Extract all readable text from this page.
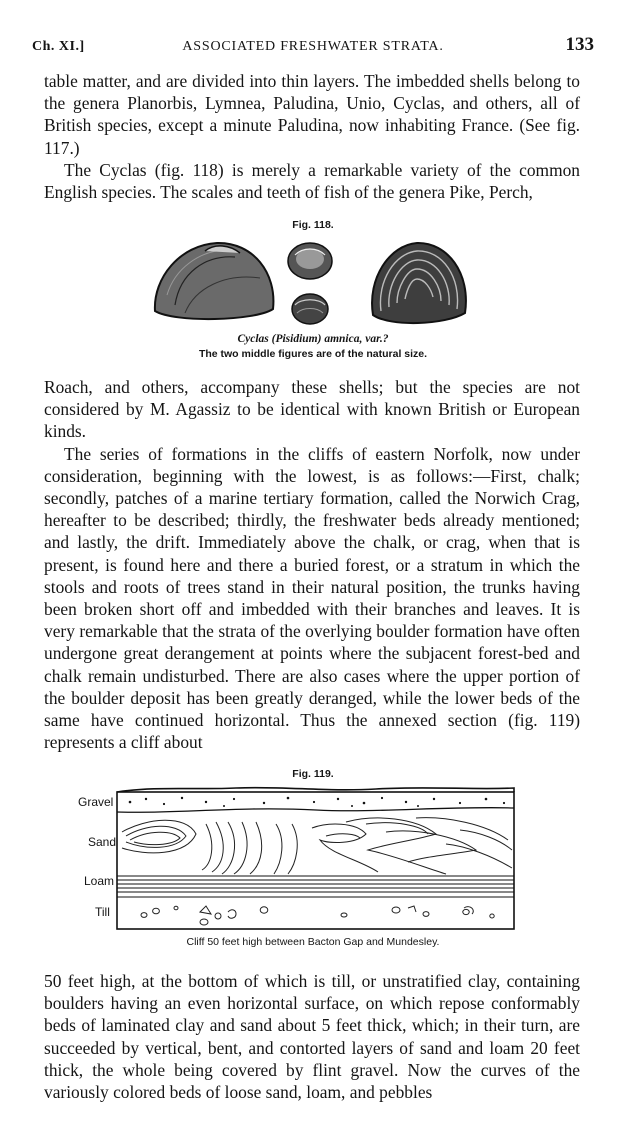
Ch. XI.]	ASSOCIATED FRESHWATER STRATA.	133

table matter, and are divided into thin layers. The imbedded shells belong to the genera Planorbis, Lymnea, Paludina, Unio, Cyclas, and others, all of British species, except a minute Paludina, now inhabiting France. (See fig. 117.)

The Cyclas (fig. 118) is merely a remarkable variety of the common English species. The scales and teeth of fish of the genera Pike, Perch,

Fig. 118.
Cyclas (Pisidium) amnica, var.?
The two middle figures are of the natural size.

Roach, and others, accompany these shells; but the species are not considered by M. Agassiz to be identical with known British or European kinds.

The series of formations in the cliffs of eastern Norfolk, now under consideration, beginning with the lowest, is as follows:—First, chalk; secondly, patches of a marine tertiary formation, called the Norwich Crag, hereafter to be described; thirdly, the freshwater beds already mentioned; and lastly, the drift. Immediately above the chalk, or crag, when that is present, is found here and there a buried forest, or a stratum in which the stools and roots of trees stand in their natural position, the trunks having been broken short off and imbedded with their branches and leaves. It is very remarkable that the strata of the overlying boulder formation have often undergone great derangement at points where the subjacent forest-bed and chalk remain undisturbed. There are also cases where the upper portion of the boulder deposit has been greatly deranged, while the lower beds of the same have continued horizontal. Thus the annexed section (fig. 119) represents a cliff about

Fig. 119.
Gravel
Sand
Loam
Till
Cliff 50 feet high between Bacton Gap and Mundesley.

50 feet high, at the bottom of which is till, or unstratified clay, containing boulders having an even horizontal surface, on which repose conformably beds of laminated clay and sand about 5 feet thick, which; in their turn, are succeeded by vertical, bent, and contorted layers of sand and loam 20 feet thick, the whole being covered by flint gravel. Now the curves of the variously colored beds of loose sand, loam, and pebbles
